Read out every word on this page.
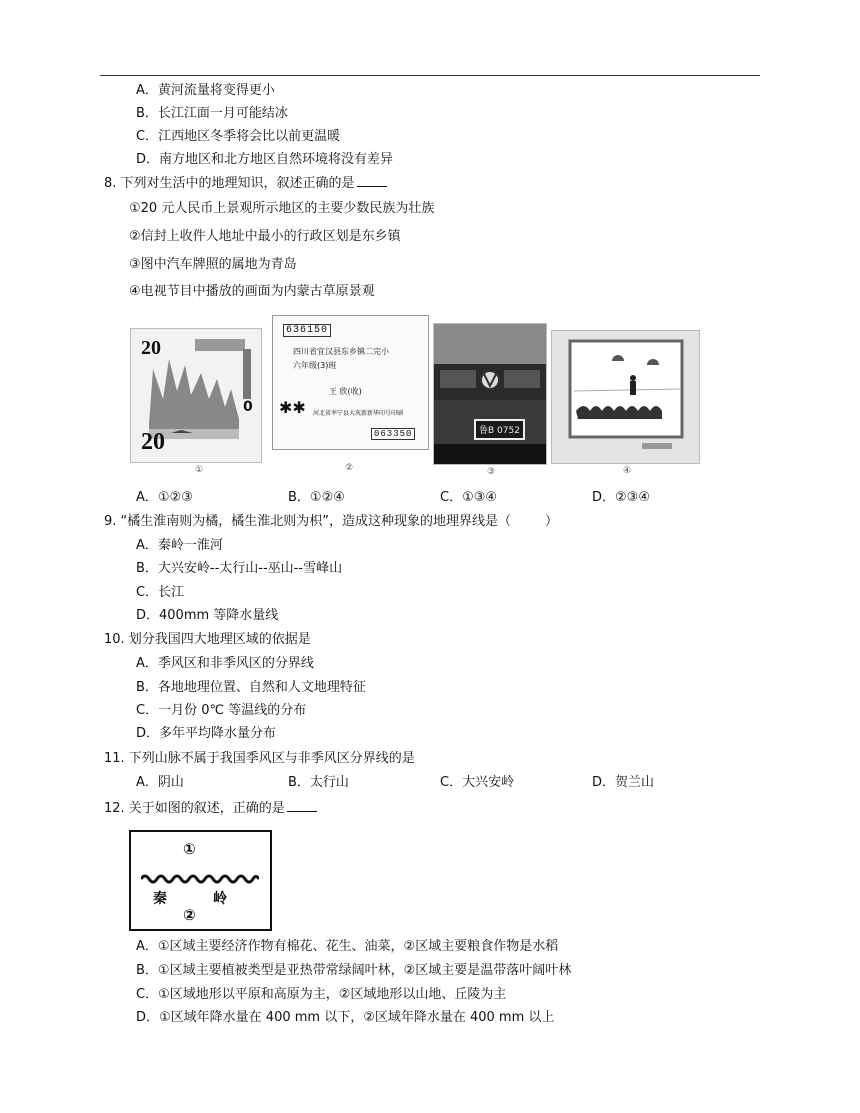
A．黄河流量将变得更小
B．长江江面一月可能结冰
C．江西地区冬季将会比以前更温暖
D．南方地区和北方地区自然环境将没有差异
8. 下列对生活中的地理知识，叙述正确的是
①20 元人民币上景观所示地区的主要少数民族为壮族
②信封上收件人地址中最小的行政区划是东乡镇
③图中汽车牌照的属地为青岛
④电视节目中播放的画面为内蒙古草原景观
20
20
0
①
636150
四川省宜汉县东乡镇二完小
六年级(3)班
王 欣(收)
✱✱ 河北省率宁县大灰新新华印号印刷
063350
②
鲁B 0752
③	④
A．①②③	B．①②④	C．①③④	D．②③④
9. “橘生淮南则为橘，橘生淮北则为枳”，造成这种现象的地理界线是（	）
A．秦岭一淮河
B．大兴安岭--太行山--巫山--雪峰山
C．长江
D．400mm 等降水量线
10. 划分我国四大地理区域的依据是
A．季风区和非季风区的分界线
B．各地地理位置、自然和人文地理特征
C．一月份 0℃ 等温线的分布
D．多年平均降水量分布
11. 下列山脉不属于我国季风区与非季风区分界线的是
A．阴山	B．太行山	C．大兴安岭	D．贺兰山
12. 关于如图的叙述，正确的是
①
秦	岭
②
A．①区域主要经济作物有棉花、花生、油菜，②区域主要粮食作物是水稻
B．①区域主要植被类型是亚热带常绿阔叶林，②区域主要是温带落叶阔叶林
C．①区域地形以平原和高原为主，②区域地形以山地、丘陵为主
D．①区域年降水量在 400 mm 以下，②区域年降水量在 400 mm 以上
